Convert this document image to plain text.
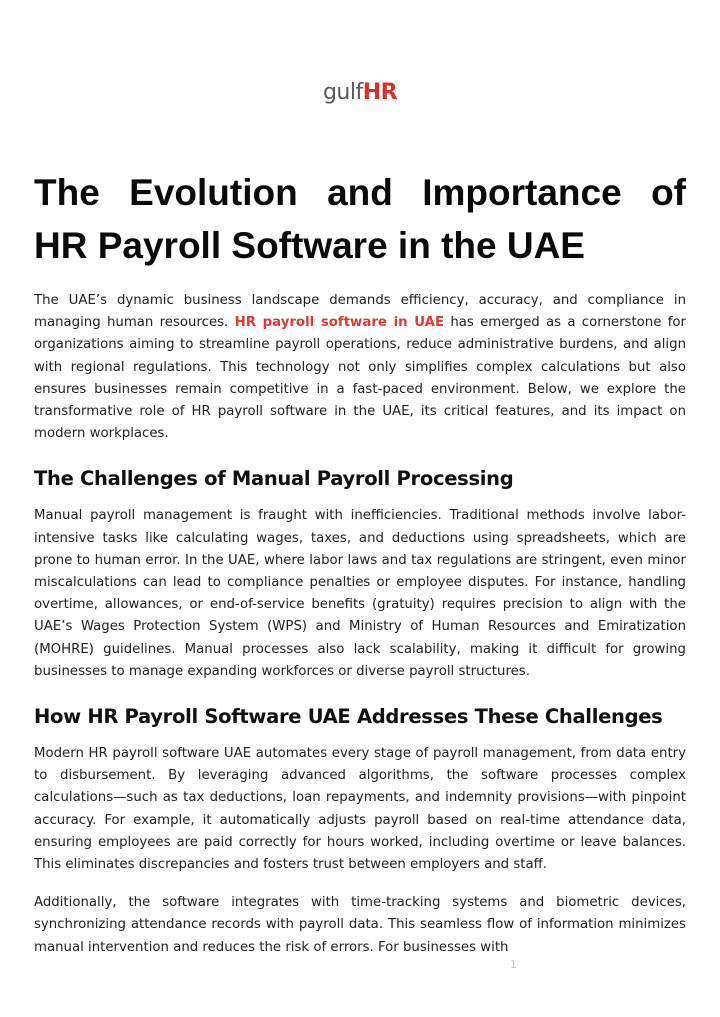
gulfHR
The Evolution and Importance of
HR Payroll Software in the UAE

The UAE’s dynamic business landscape demands efficiency, accuracy, and compliance in managing human resources. HR payroll software in UAE has emerged as a cornerstone for organizations aiming to streamline payroll operations, reduce administrative burdens, and align with regional regulations. This technology not only simplifies complex calculations but also ensures businesses remain competitive in a fast-paced environment. Below, we explore the transformative role of HR payroll software in the UAE, its critical features, and its impact on modern workplaces.

The Challenges of Manual Payroll Processing

Manual payroll management is fraught with inefficiencies. Traditional methods involve labor-intensive tasks like calculating wages, taxes, and deductions using spreadsheets, which are prone to human error. In the UAE, where labor laws and tax regulations are stringent, even minor miscalculations can lead to compliance penalties or employee disputes. For instance, handling overtime, allowances, or end-of-service benefits (gratuity) requires precision to align with the UAE’s Wages Protection System (WPS) and Ministry of Human Resources and Emiratization (MOHRE) guidelines. Manual processes also lack scalability, making it difficult for growing businesses to manage expanding workforces or diverse payroll structures.

How HR Payroll Software UAE Addresses These Challenges

Modern HR payroll software UAE automates every stage of payroll management, from data entry to disbursement. By leveraging advanced algorithms, the software processes complex calculations—such as tax deductions, loan repayments, and indemnity provisions—with pinpoint accuracy. For example, it automatically adjusts payroll based on real-time attendance data, ensuring employees are paid correctly for hours worked, including overtime or leave balances. This eliminates discrepancies and fosters trust between employers and staff.

Additionally, the software integrates with time-tracking systems and biometric devices, synchronizing attendance records with payroll data. This seamless flow of information minimizes manual intervention and reduces the risk of errors. For businesses with

1
